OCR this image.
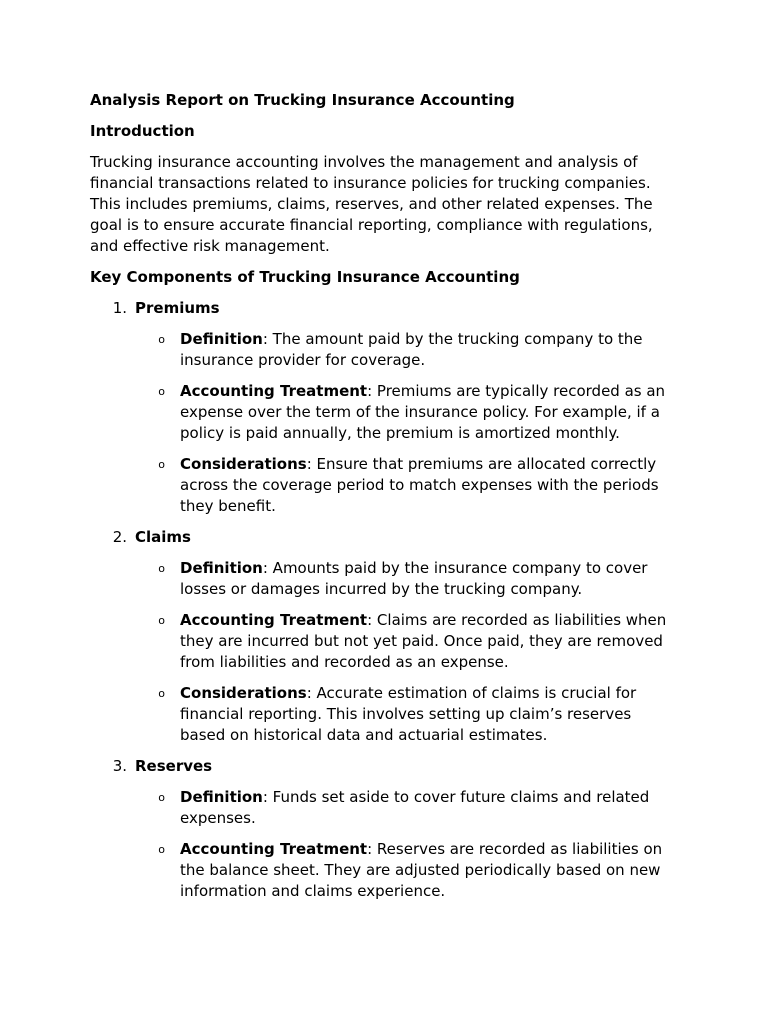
Analysis Report on Trucking Insurance Accounting
Introduction

Trucking insurance accounting involves the management and analysis of financial transactions related to insurance policies for trucking companies. This includes premiums, claims, reserves, and other related expenses. The goal is to ensure accurate financial reporting, compliance with regulations, and effective risk management.

Key Components of Trucking Insurance Accounting
1. Premiums
o	Definition: The amount paid by the trucking company to the insurance provider for coverage.
o	Accounting Treatment: Premiums are typically recorded as an expense over the term of the insurance policy. For example, if a policy is paid annually, the premium is amortized monthly.
o	Considerations: Ensure that premiums are allocated correctly across the coverage period to match expenses with the periods they benefit.
2. Claims
o	Definition: Amounts paid by the insurance company to cover losses or damages incurred by the trucking company.
o	Accounting Treatment: Claims are recorded as liabilities when they are incurred but not yet paid. Once paid, they are removed from liabilities and recorded as an expense.
o	Considerations: Accurate estimation of claims is crucial for financial reporting. This involves setting up claim’s reserves based on historical data and actuarial estimates.
3. Reserves
o	Definition: Funds set aside to cover future claims and related expenses.
o	Accounting Treatment: Reserves are recorded as liabilities on the balance sheet. They are adjusted periodically based on new information and claims experience.
